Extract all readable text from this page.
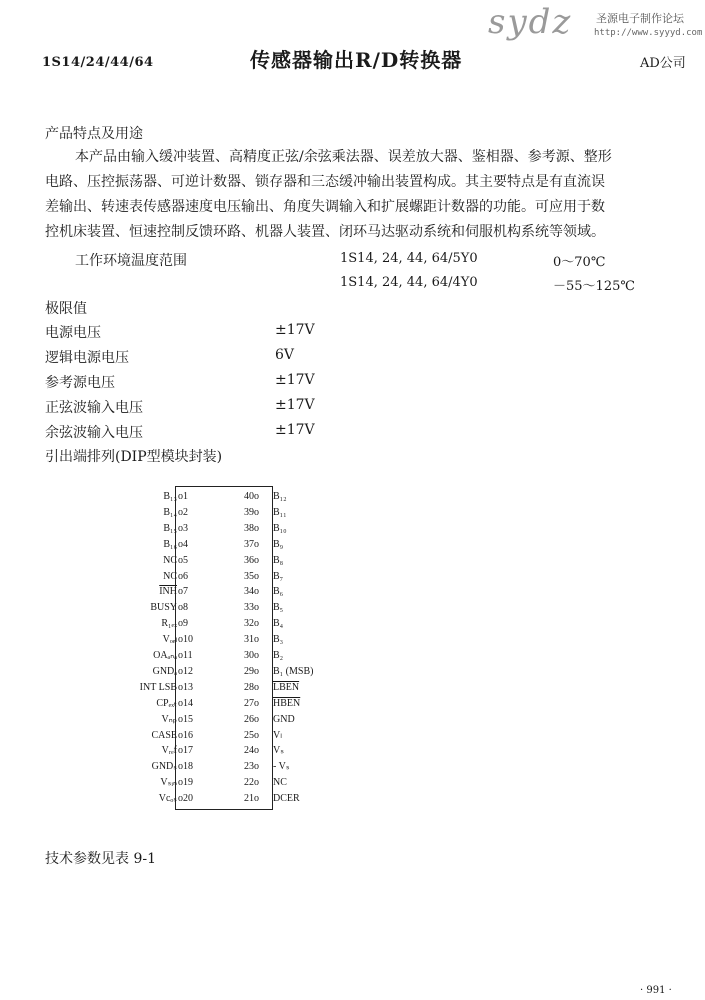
sydz 圣源电子制作论坛
http://www.syyyd.com
1S14/24/44/64	传感器输出R/D转换器	AD公司
产品特点及用途
本产品由输入缓冲装置、高精度正弦/余弦乘法器、误差放大器、鉴相器、参考源、整形
电路、压控振荡器、可逆计数器、锁存器和三态缓冲输出装置构成。其主要特点是有直流误
差输出、转速表传感器速度电压输出、角度失调输入和扩展螺距计数器的功能。可应用于数
控机床装置、恒速控制反馈环路、机器人装置、闭环马达驱动系统和伺服机构系统等领域。
工作环境温度范围	1S14, 24, 44, 64/5Y0	0～70℃
1S14, 24, 44, 64/4Y0	－55～125℃
极限值
电源电压	±17V
逻辑电源电压	6V
参考源电压	±17V
正弦波输入电压	±17V
余弦波输入电压	±17V
引出端排列(DIP型模块封装)
B₁₃ o1	40o B₁₂
B₁₄ o2	39o B₁₁
B₁₅ o3	38o B₁₀
B₁₆ o4	37o B₉
NC o5	36o B₈
NC o6	35o B₇
$\overline{INH}$ o7	34o B₆
BUSY o8	33o B₅
R₁ₑₓ o9	32o B₄
Vₒₑₗ o10	31o B₃
OAₐₙₐ o11	30o B₂
GNDₐ o12	29o B₁ (MSB)
INT LSB o13	28o LBEN
CPₑₓₜ o14	27o HBEN
Vₙₚ o15	26o GND
CASE o16	25o Vₗ
Vᵣₑf o17	24o Vₛ
GNDₛ o18	23o - Vₛ
Vₛᵢₙ o19	22o NC
Vcₒₛ o20	21o DCER
技术参数见表 9-1
· 991 ·
